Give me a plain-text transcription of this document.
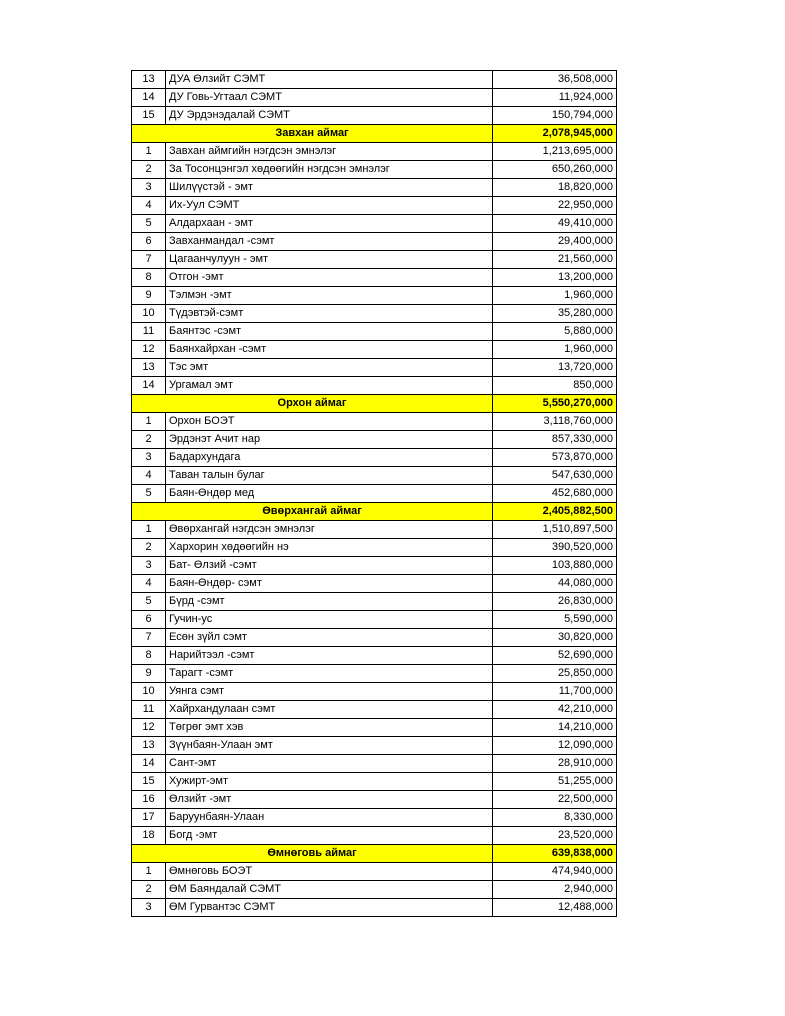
13	ДУА Өлзийт СЭМТ	36,508,000
14	ДУ Говь-Угтаал СЭМТ	11,924,000
15	ДУ Эрдэнэдалай СЭМТ	150,794,000
Завхан аймаг		2,078,945,000
1	Завхан аймгийн нэгдсэн эмнэлэг	1,213,695,000
2	За Тосонцэнгэл хөдөөгийн нэгдсэн эмнэлэг	650,260,000
3	Шилүүстэй - эмт	18,820,000
4	Их-Уул СЭМТ	22,950,000
5	Алдархаан - эмт	49,410,000
6	Завханмандал -сэмт	29,400,000
7	Цагаанчулуун - эмт	21,560,000
8	Отгон -эмт	13,200,000
9	Тэлмэн -эмт	1,960,000
10	Түдэвтэй-сэмт	35,280,000
11	Баянтэс -сэмт	5,880,000
12	Баянхайрхан -сэмт	1,960,000
13	Тэс эмт	13,720,000
14	Ургамал эмт	850,000
Орхон аймаг		5,550,270,000
1	Орхон БОЭТ	3,118,760,000
2	Эрдэнэт Ачит нар	857,330,000
3	Бадархундага	573,870,000
4	Таван талын булаг	547,630,000
5	Баян-Өндөр мед	452,680,000
Өвөрхангай аймаг		2,405,882,500
1	Өвөрхангай нэгдсэн эмнэлэг	1,510,897,500
2	Хархорин хөдөөгийн нэ	390,520,000
3	Бат- Өлзий -сэмт	103,880,000
4	Баян-Өндөр- сэмт	44,080,000
5	Бүрд -сэмт	26,830,000
6	Гучин-ус	5,590,000
7	Есөн зүйл сэмт	30,820,000
8	Нарийтээл -сэмт	52,690,000
9	Тарагт -сэмт	25,850,000
10	Уянга сэмт	11,700,000
11	Хайрхандулаан сэмт	42,210,000
12	Төгрөг эмт хэв	14,210,000
13	Зүүнбаян-Улаан эмт	12,090,000
14	Сант-эмт	28,910,000
15	Хужирт-эмт	51,255,000
16	Өлзийт -эмт	22,500,000
17	Баруунбаян-Улаан	8,330,000
18	Богд -эмт	23,520,000
Өмнөговь аймаг		639,838,000
1	Өмнөговь БОЭТ	474,940,000
2	ӨМ Баяндалай СЭМТ	2,940,000
3	ӨМ Гурвантэс СЭМТ	12,488,000
